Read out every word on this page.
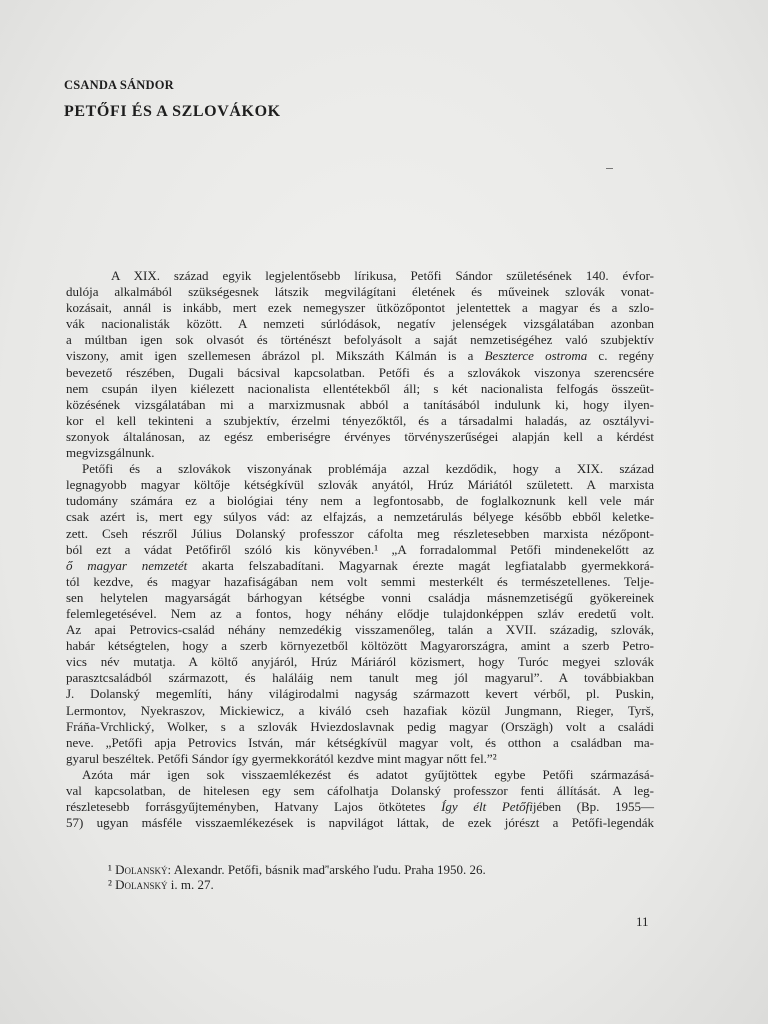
CSANDA SÁNDOR
PETŐFI ÉS A SZLOVÁKOK
A XIX. század egyik legjelentősebb lírikusa, Petőfi Sándor születésének 140. évfor-
dulója alkalmából szükségesnek látszik megvilágítani életének és műveinek szlovák vonat-
kozásait, annál is inkább, mert ezek nemegyszer ütközőpontot jelentettek a magyar és a szlo-
vák nacionalisták között. A nemzeti súrlódások, negatív jelenségek vizsgálatában azonban
a múltban igen sok olvasót és történészt befolyásolt a saját nemzetiségéhez való szubjektív
viszony, amit igen szellemesen ábrázol pl. Mikszáth Kálmán is a Beszterce ostroma c. regény
bevezető részében, Dugali bácsival kapcsolatban. Petőfi és a szlovákok viszonya szerencsére
nem csupán ilyen kiélezett nacionalista ellentétekből áll; s két nacionalista felfogás összeüt-
közésének vizsgálatában mi a marxizmusnak abból a tanításából indulunk ki, hogy ilyen-
kor el kell tekinteni a szubjektív, érzelmi tényezőktől, és a társadalmi haladás, az osztályvi-
szonyok általánosan, az egész emberiségre érvényes törvényszerűségei alapján kell a kérdést
megvizsgálnunk.
Petőfi és a szlovákok viszonyának problémája azzal kezdődik, hogy a XIX. század
legnagyobb magyar költője kétségkívül szlovák anyától, Hrúz Máriától született. A marxista
tudomány számára ez a biológiai tény nem a legfontosabb, de foglalkoznunk kell vele már
csak azért is, mert egy súlyos vád: az elfajzás, a nemzetárulás bélyege később ebből keletke-
zett. Cseh részről Július Dolanský professzor cáfolta meg részletesebben marxista nézőpont-
ból ezt a vádat Petőfiről szóló kis könyvében.¹ „A forradalommal Petőfi mindenekelőtt az
ő magyar nemzetét akarta felszabadítani. Magyarnak érezte magát legfiatalabb gyermekkorá-
tól kezdve, és magyar hazafiságában nem volt semmi mesterkélt és természetellenes. Telje-
sen helytelen magyarságát bárhogyan kétségbe vonni családja másnemzetiségű gyökereinek
felemlegetésével. Nem az a fontos, hogy néhány elődje tulajdonképpen szláv eredetű volt.
Az apai Petrovics-család néhány nemzedékig visszamenőleg, talán a XVII. századig, szlovák,
habár kétségtelen, hogy a szerb környezetből költözött Magyarországra, amint a szerb Petro-
vics név mutatja. A költő anyjáról, Hrúz Máriáról közismert, hogy Turóc megyei szlovák
parasztcsaládból származott, és haláláig nem tanult meg jól magyarul”. A továbbiakban
J. Dolanský megemlíti, hány világirodalmi nagyság származott kevert vérből, pl. Puskin,
Lermontov, Nyekraszov, Mickiewicz, a kiváló cseh hazafiak közül Jungmann, Rieger, Tyrš,
Fráňa-Vrchlický, Wolker, s a szlovák Hviezdoslavnak pedig magyar (Orszägh) volt a családi
neve. „Petőfi apja Petrovics István, már kétségkívül magyar volt, és otthon a családban ma-
gyarul beszéltek. Petőfi Sándor így gyermekkorától kezdve mint magyar nőtt fel.”²
Azóta már igen sok visszaemlékezést és adatot gyűjtöttek egybe Petőfi származásá-
val kapcsolatban, de hitelesen egy sem cáfolhatja Dolanský professzor fenti állítását. A leg-
részletesebb forrásgyűjteményben, Hatvany Lajos ötkötetes Így élt Petőfijében (Bp. 1955—
57) ugyan másféle visszaemlékezések is napvilágot láttak, de ezek jórészt a Petőfi-legendák
¹ Dolanský: Alexandr. Petőfi, básnik maď'arského ľudu. Praha 1950. 26.
² Dolanský i. m. 27.
11
